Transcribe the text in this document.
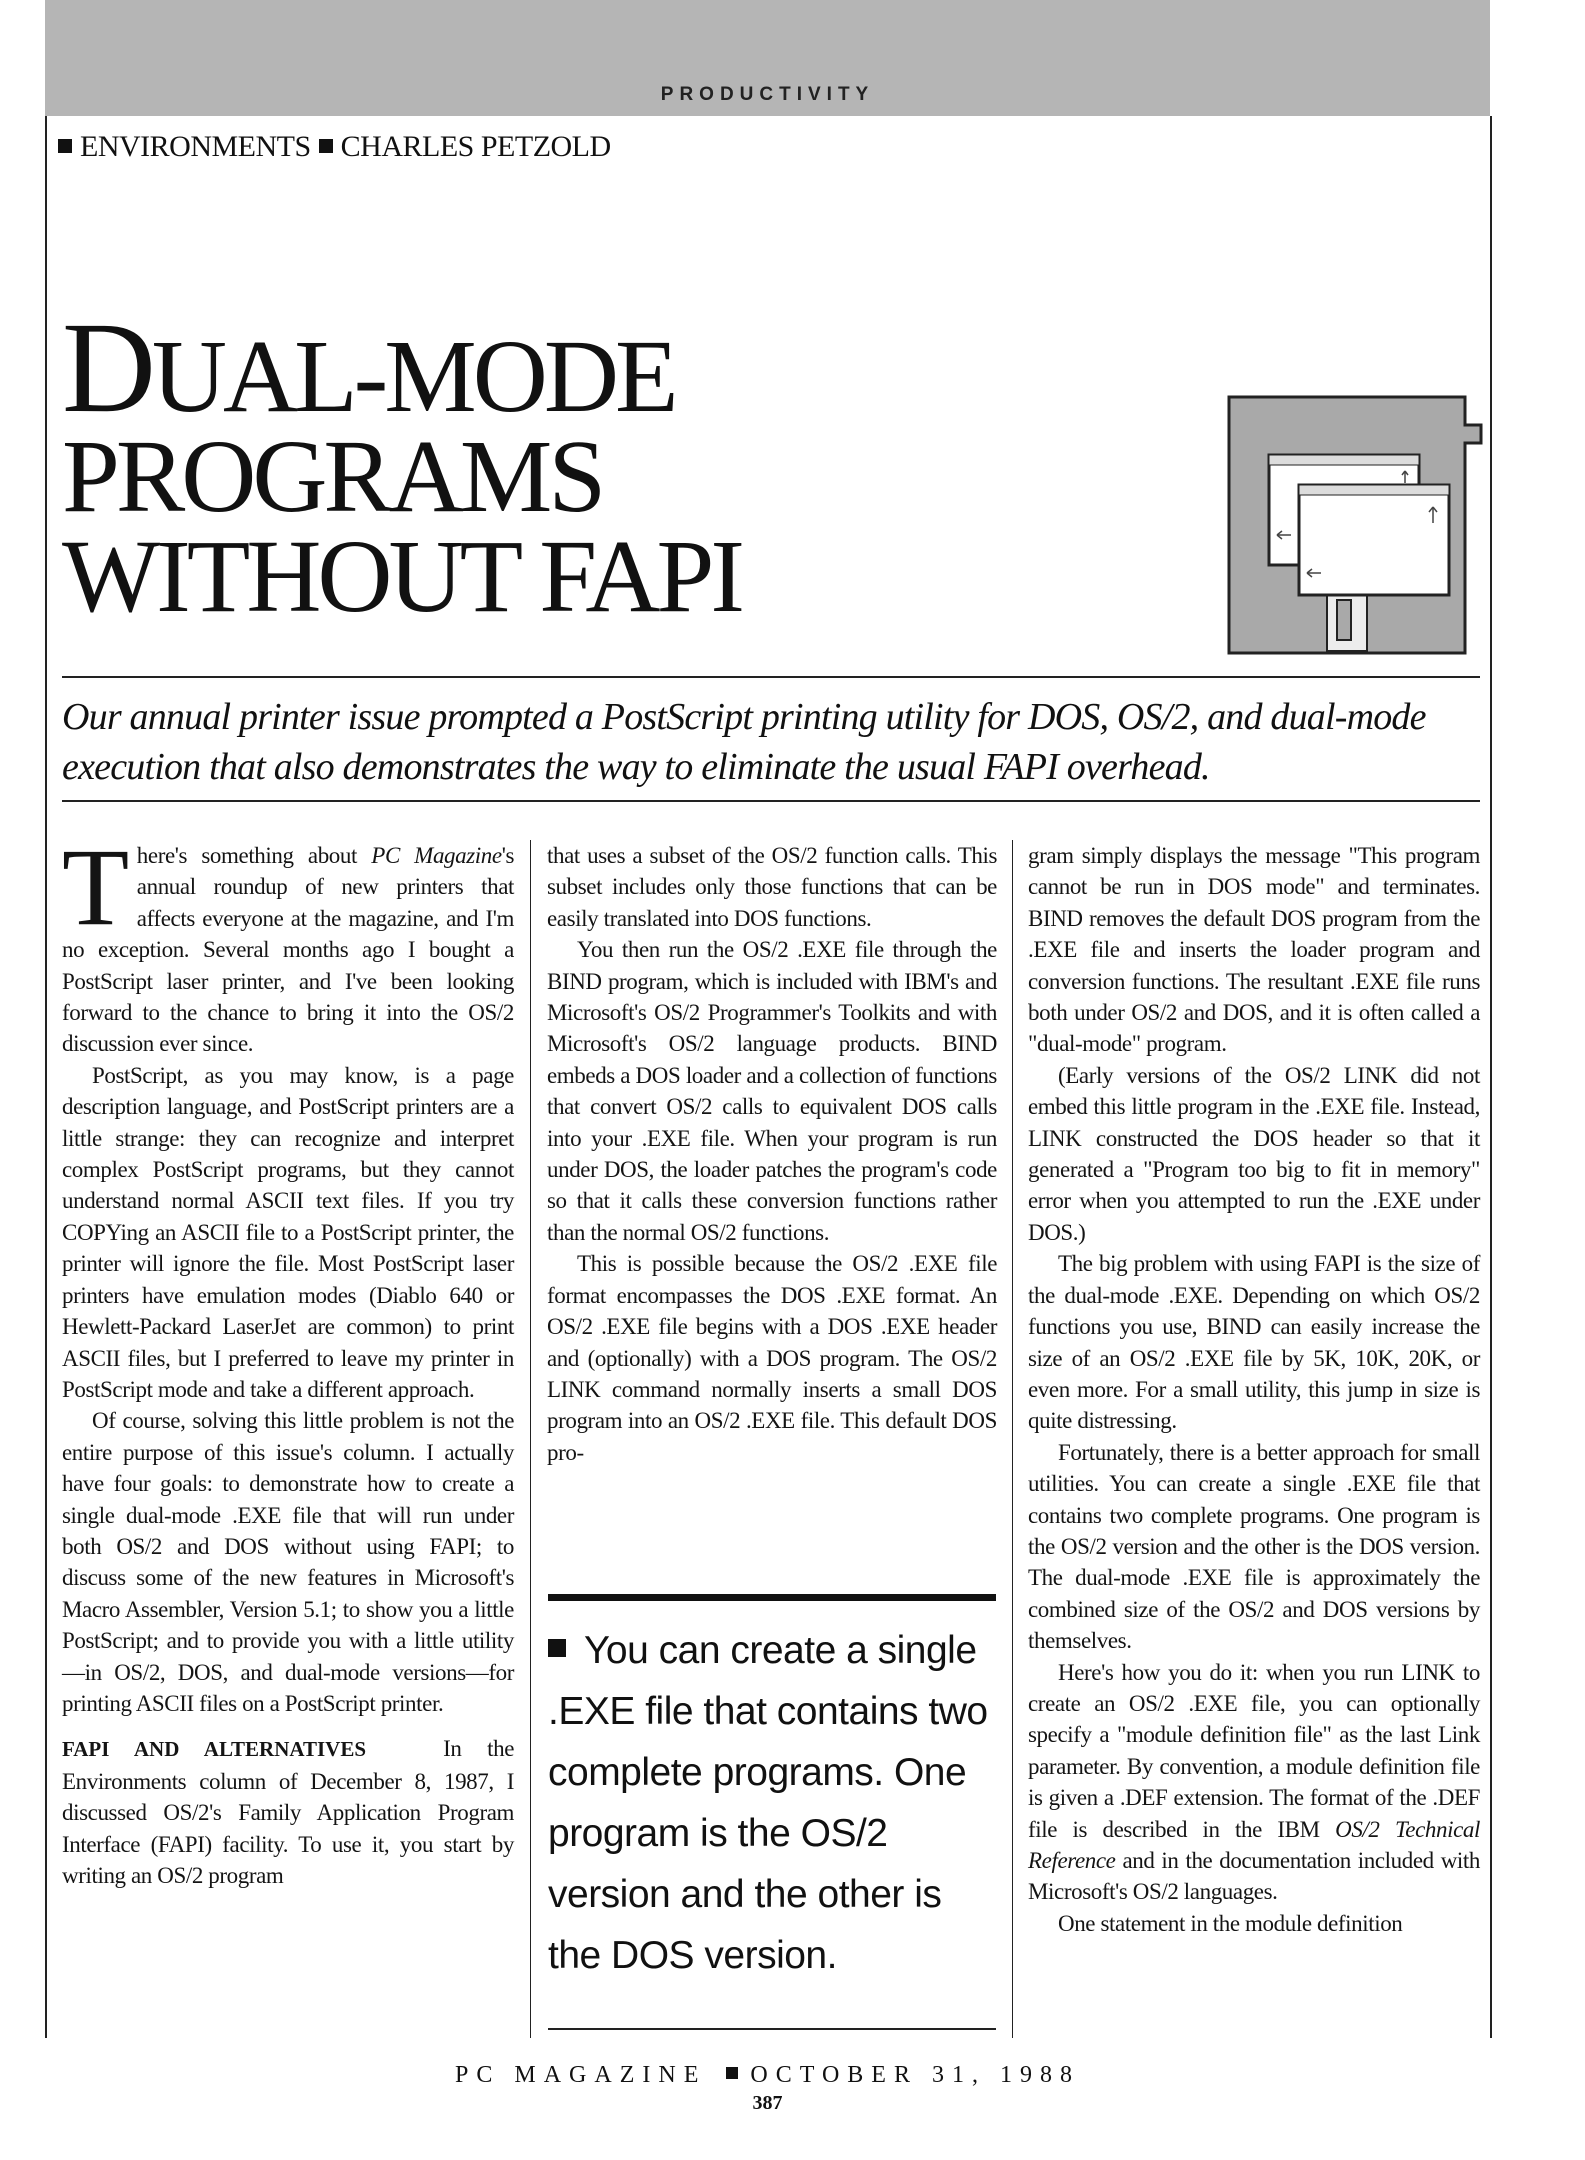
PRODUCTIVITY
ENVIRONMENTS CHARLES PETZOLD
DUAL-MODE
PROGRAMS
WITHOUT FAPI
Our annual printer issue prompted a PostScript printing utility for DOS, OS/2, and dual-mode execution that also demonstrates the way to eliminate the usual FAPI overhead.

There's something about PC Magazine's annual roundup of new printers that affects everyone at the magazine, and I'm no exception. Several months ago I bought a PostScript laser printer, and I've been looking forward to the chance to bring it into the OS/2 discussion ever since.

PostScript, as you may know, is a page description language, and PostScript printers are a little strange: they can recognize and interpret complex PostScript programs, but they cannot understand normal ASCII text files. If you try COPYing an ASCII file to a PostScript printer, the printer will ignore the file. Most PostScript laser printers have emulation modes (Diablo 640 or Hewlett-Packard LaserJet are common) to print ASCII files, but I preferred to leave my printer in PostScript mode and take a different approach.

Of course, solving this little problem is not the entire purpose of this issue's column. I actually have four goals: to demonstrate how to create a single dual-mode .EXE file that will run under both OS/2 and DOS without using FAPI; to discuss some of the new features in Microsoft's Macro Assembler, Version 5.1; to show you a little PostScript; and to provide you with a little utility—in OS/2, DOS, and dual-mode versions—for printing ASCII files on a PostScript printer.

FAPI AND ALTERNATIVES	In the Environments column of December 8, 1987, I discussed OS/2's Family Application Program Interface (FAPI) facility. To use it, you start by writing an OS/2 program

that uses a subset of the OS/2 function calls. This subset includes only those functions that can be easily translated into DOS functions.

You then run the OS/2 .EXE file through the BIND program, which is included with IBM's and Microsoft's OS/2 Programmer's Toolkits and with Microsoft's OS/2 language products. BIND embeds a DOS loader and a collection of functions that convert OS/2 calls to equivalent DOS calls into your .EXE file. When your program is run under DOS, the loader patches the program's code so that it calls these conversion functions rather than the normal OS/2 functions.

This is possible because the OS/2 .EXE file format encompasses the DOS .EXE format. An OS/2 .EXE file begins with a DOS .EXE header and (optionally) with a DOS program. The OS/2 LINK command normally inserts a small DOS program into an OS/2 .EXE file. This default DOS pro-

You can create a single .EXE file that contains two complete programs. One program is the OS/2 version and the other is the DOS version.

gram simply displays the message "This program cannot be run in DOS mode" and terminates. BIND removes the default DOS program from the .EXE file and inserts the loader program and conversion functions. The resultant .EXE file runs both under OS/2 and DOS, and it is often called a "dual-mode" program.

(Early versions of the OS/2 LINK did not embed this little program in the .EXE file. Instead, LINK constructed the DOS header so that it generated a "Program too big to fit in memory" error when you attempted to run the .EXE under DOS.)

The big problem with using FAPI is the size of the dual-mode .EXE. Depending on which OS/2 functions you use, BIND can easily increase the size of an OS/2 .EXE file by 5K, 10K, 20K, or even more. For a small utility, this jump in size is quite distressing.

Fortunately, there is a better approach for small utilities. You can create a single .EXE file that contains two complete programs. One program is the OS/2 version and the other is the DOS version. The dual-mode .EXE file is approximately the combined size of the OS/2 and DOS versions by themselves.

Here's how you do it: when you run LINK to create an OS/2 .EXE file, you can optionally specify a "module definition file" as the last Link parameter. By convention, a module definition file is given a .DEF extension. The format of the .DEF file is described in the IBM OS/2 Technical Reference and in the documentation included with Microsoft's OS/2 languages.

One statement in the module definition

PC MAGAZINE OCTOBER 31, 1988
387
